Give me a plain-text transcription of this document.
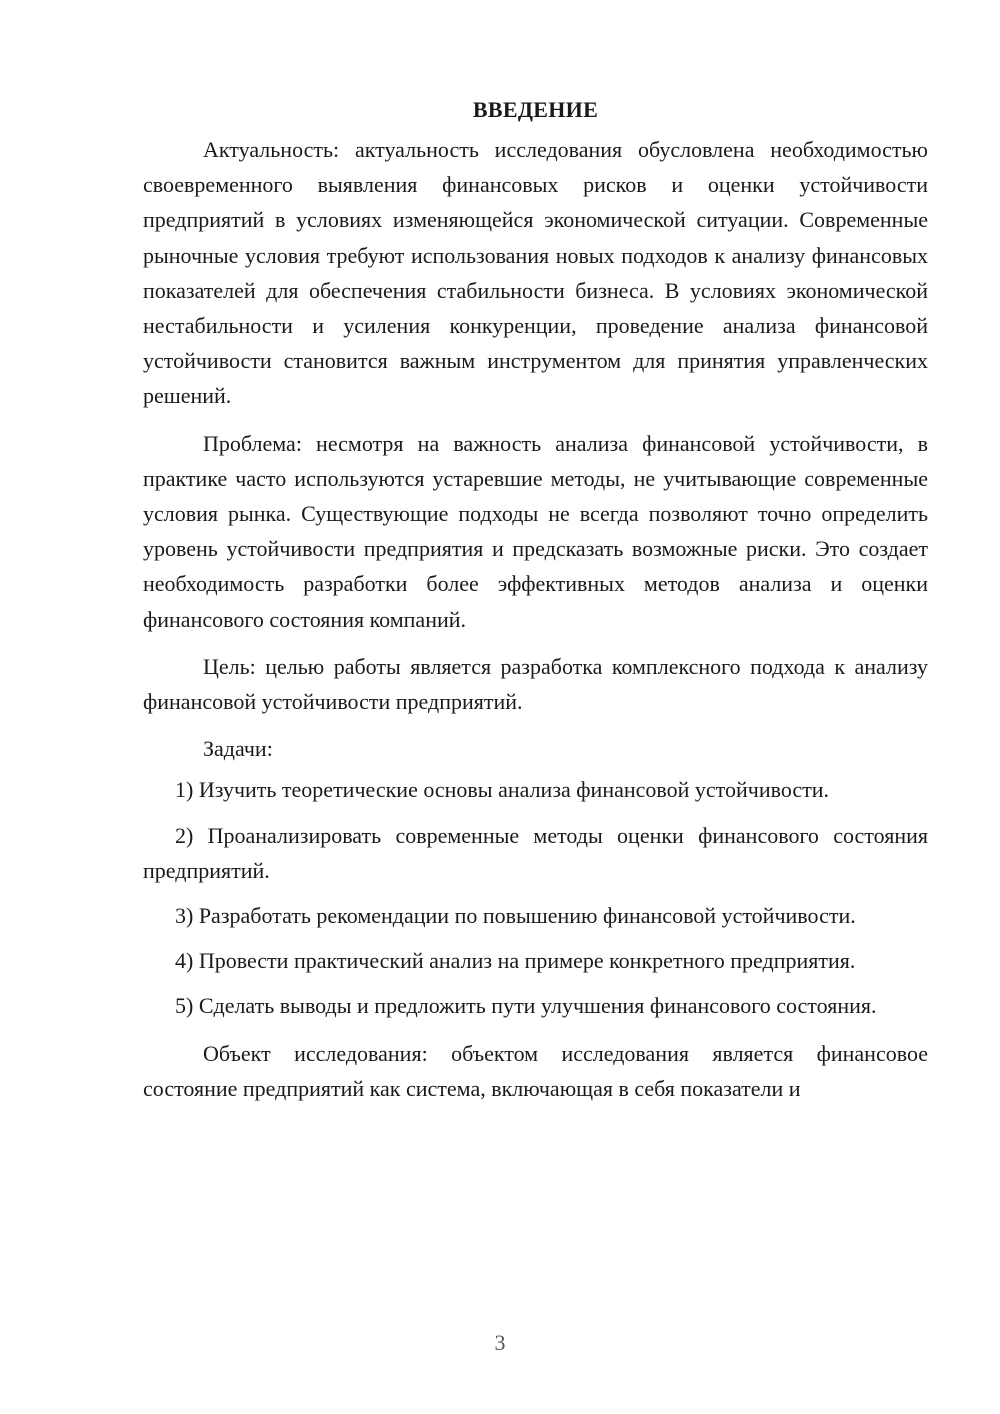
ВВЕДЕНИЕ

Актуальность: актуальность исследования обусловлена необходимостью своевременного выявления финансовых рисков и оценки устойчивости предприятий в условиях изменяющейся экономической ситуации. Современные рыночные условия требуют использования новых подходов к анализу финансовых показателей для обеспечения стабильности бизнеса. В условиях экономической нестабильности и усиления конкуренции, проведение анализа финансовой устойчивости становится важным инструментом для принятия управленческих решений.

Проблема: несмотря на важность анализа финансовой устойчивости, в практике часто используются устаревшие методы, не учитывающие современные условия рынка. Существующие подходы не всегда позволяют точно определить уровень устойчивости предприятия и предсказать возможные риски. Это создает необходимость разработки более эффективных методов анализа и оценки финансового состояния компаний.

Цель: целью работы является разработка комплексного подхода к анализу финансовой устойчивости предприятий.

Задачи:

1) Изучить теоретические основы анализа финансовой устойчивости.

2) Проанализировать современные методы оценки финансового состояния предприятий.

3) Разработать рекомендации по повышению финансовой устойчивости.

4) Провести практический анализ на примере конкретного предприятия.

5) Сделать выводы и предложить пути улучшения финансового состояния.

Объект исследования: объектом исследования является финансовое состояние предприятий как система, включающая в себя показатели и

3
